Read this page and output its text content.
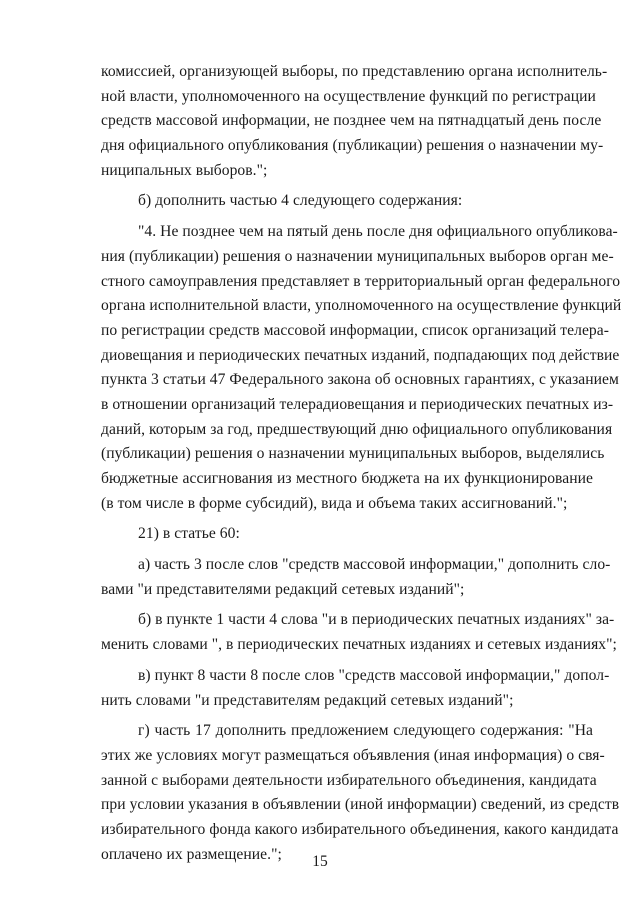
комиссией, организующей выборы, по представлению органа исполнитель-
ной власти, уполномоченного на осуществление функций по регистрации
средств массовой информации, не позднее чем на пятнадцатый день после
дня официального опубликования (публикации) решения о назначении му-
ниципальных выборов.";
б) дополнить частью 4 следующего содержания:
"4. Не позднее чем на пятый день после дня официального опубликова-
ния (публикации) решения о назначении муниципальных выборов орган ме-
стного самоуправления представляет в территориальный орган федерального
органа исполнительной власти, уполномоченного на осуществление функций
по регистрации средств массовой информации, список организаций телера-
диовещания и периодических печатных изданий, подпадающих под действие
пункта 3 статьи 47 Федерального закона об основных гарантиях, с указанием
в отношении организаций телерадиовещания и периодических печатных из-
даний, которым за год, предшествующий дню официального опубликования
(публикации) решения о назначении муниципальных выборов, выделялись
бюджетные ассигнования из местного бюджета на их функционирование
(в том числе в форме субсидий), вида и объема таких ассигнований.";
21) в статье 60:
а) часть 3 после слов "средств массовой информации," дополнить сло-
вами "и представителями редакций сетевых изданий";
б) в пункте 1 части 4 слова "и в периодических печатных изданиях" за-
менить словами ", в периодических печатных изданиях и сетевых изданиях";
в) пункт 8 части 8 после слов "средств массовой информации," допол-
нить словами "и представителям редакций сетевых изданий";
г) часть 17 дополнить предложением следующего содержания: "На
этих же условиях могут размещаться объявления (иная информация) о свя-
занной с выборами деятельности избирательного объединения, кандидата
при условии указания в объявлении (иной информации) сведений, из средств
избирательного фонда какого избирательного объединения, какого кандидата
оплачено их размещение.";	15
